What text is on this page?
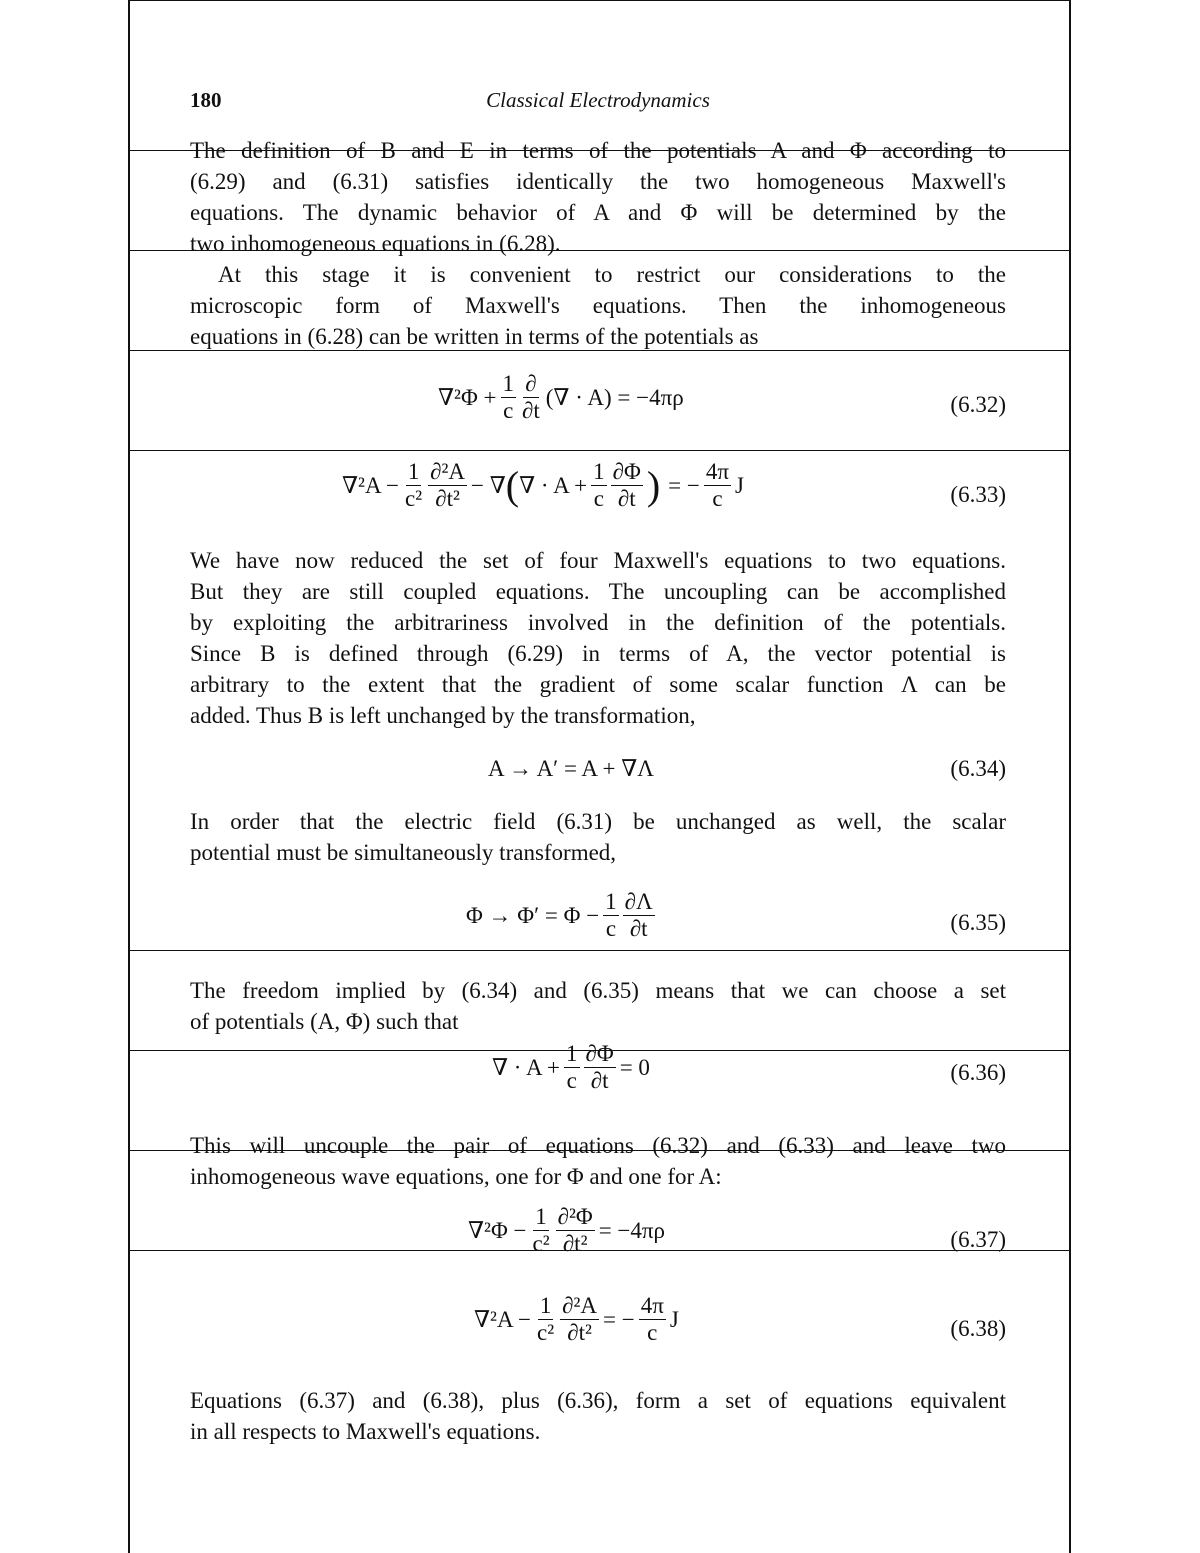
180	Classical Electrodynamics
The definition of B and E in terms of the potentials A and Φ according to
(6.29) and (6.31) satisfies identically the two homogeneous Maxwell's
equations. The dynamic behavior of A and Φ will be determined by the
two inhomogeneous equations in (6.28).
At this stage it is convenient to restrict our considerations to the
microscopic form of Maxwell's equations. Then the inhomogeneous
equations in (6.28) can be written in terms of the potentials as
$\nabla^2\Phi + \frac{1}{c} \frac{\partial}{\partial t}$ (∇ · A) = −4πρ	(6.32)
$\nabla^2A - \frac{1}{\text{c²}} \frac{\text{∂²A}}{\text{∂t²}}$ − ∇ ( ∇ · $A + \frac{1}{c} \frac{\partial\Phi}{\partial t}$ ) = − $\frac{4\pi}{c}$ J	(6.33)
We have now reduced the set of four Maxwell's equations to two equations.
But they are still coupled equations. The uncoupling can be accomplished
by exploiting the arbitrariness involved in the definition of the potentials.
Since B is defined through (6.29) in terms of A, the vector potential is
arbitrary to the extent that the gradient of some scalar function Λ can be
added. Thus B is left unchanged by the transformation,
A → A′ = A + ∇Λ	(6.34)
In order that the electric field (6.31) be unchanged as well, the scalar
potential must be simultaneously transformed,
$\Phi \to \Phi' = \Phi - \frac{1}{c} \frac{\partial\Lambda}{\partial t}$	(6.35)
The freedom implied by (6.34) and (6.35) means that we can choose a set
of potentials (A, Φ) such that
∇ · $A + \frac{1}{c} \frac{\partial\Phi}{\partial t} = 0$	(6.36)
This will uncouple the pair of equations (6.32) and (6.33) and leave two
inhomogeneous wave equations, one for Φ and one for A:
$\nabla^2\Phi - \frac{1}{\text{c²}} \frac{\text{∂²Φ}}{\text{∂t²}} = -4\pi\rho$	(6.37)
$\nabla^2A - \frac{1}{\text{c²}} \frac{\text{∂²A}}{\text{∂t²}}$ = − $\frac{4\pi}{c}$ J	(6.38)
Equations (6.37) and (6.38), plus (6.36), form a set of equations equivalent
in all respects to Maxwell's equations.
